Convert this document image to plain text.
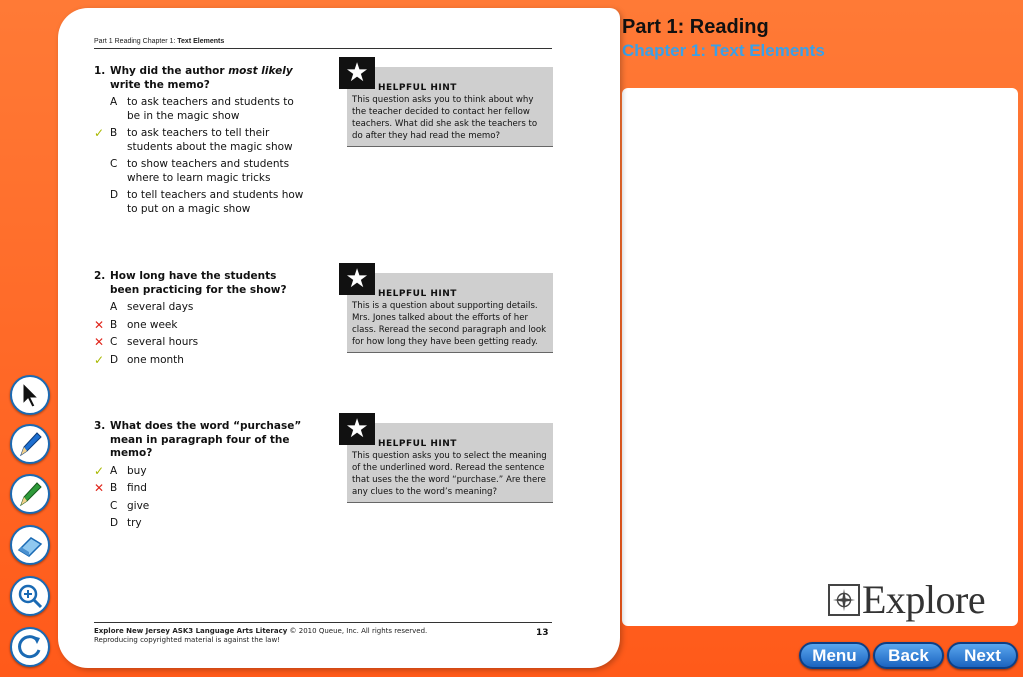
Part 1: Reading
Chapter 1: Text Elements
Part 1 Reading Chapter 1: Text Elements
1. Why did the author most likely write the memo?
A to ask teachers and students to be in the magic show
✓ B to ask teachers to tell their students about the magic show
C to show teachers and students where to learn magic tricks
D to tell teachers and students how to put on a magic show
★	HELPFUL HINT
This question asks you to think about why the teacher decided to contact her fellow teachers. What did she ask the teachers to do after they had read the memo?
2. How long have the students been practicing for the show?
A several days
✕ B one week
✕ C several hours
✓ D one month
★	HELPFUL HINT
This is a question about supporting details. Mrs. Jones talked about the efforts of her class. Reread the second paragraph and look for how long they have been getting ready.
3. What does the word “purchase” mean in paragraph four of the memo?
✓ A buy
✕ B find
C give
D try
★	HELPFUL HINT
This question asks you to select the meaning of the underlined word. Reread the sentence that uses the the word “purchase.” Are there any clues to the word’s meaning?
Explore New Jersey ASK3 Language Arts Literacy © 2010 Queue, Inc. All rights reserved.
Reproducing copyrighted material is against the law!
13
Explore
Menu	Back	Next
